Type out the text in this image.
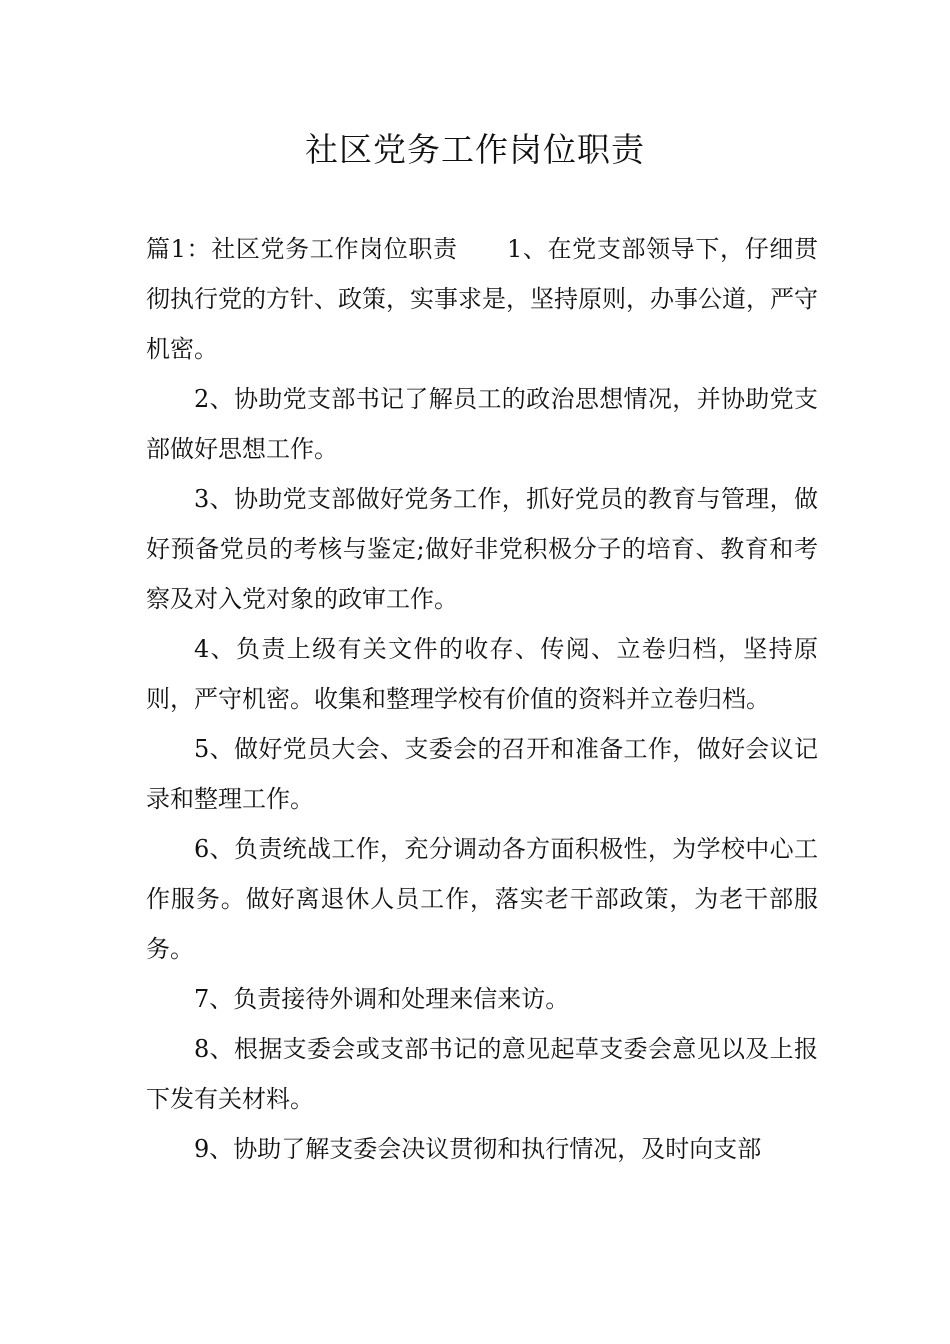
社区党务工作岗位职责

篇1：社区党务工作岗位职责　　1、在党支部领导下，仔细贯彻执行党的方针、政策，实事求是，坚持原则，办事公道，严守机密。

2、协助党支部书记了解员工的政治思想情况，并协助党支部做好思想工作。

3、协助党支部做好党务工作，抓好党员的教育与管理，做好预备党员的考核与鉴定;做好非党积极分子的培育、教育和考察及对入党对象的政审工作。

4、负责上级有关文件的收存、传阅、立卷归档，坚持原则，严守机密。收集和整理学校有价值的资料并立卷归档。

5、做好党员大会、支委会的召开和准备工作，做好会议记录和整理工作。

6、负责统战工作，充分调动各方面积极性，为学校中心工作服务。做好离退休人员工作，落实老干部政策，为老干部服务。

7、负责接待外调和处理来信来访。

8、根据支委会或支部书记的意见起草支委会意见以及上报下发有关材料。

9、协助了解支委会决议贯彻和执行情况，及时向支部
